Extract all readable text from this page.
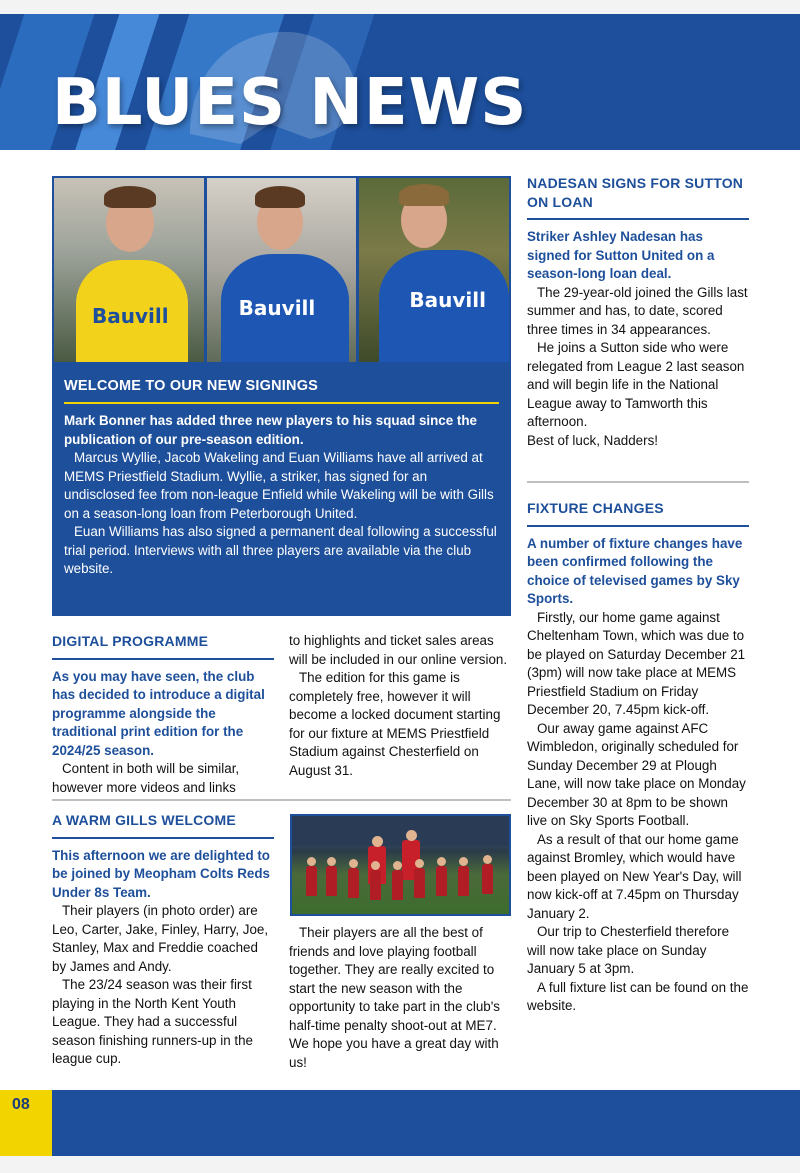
BLUES NEWS
Bauvill	Bauvill	Bauvill
WELCOME TO OUR NEW SIGNINGS

Mark Bonner has added three new players to his squad since the publication of our pre-season edition.

Marcus Wyllie, Jacob Wakeling and Euan Williams have all arrived at MEMS Priestfield Stadium. Wyllie, a striker, has signed for an undisclosed fee from non-league Enfield while Wakeling will be with Gills on a season-long loan from Peterborough United.

Euan Williams has also signed a permanent deal following a successful trial period. Interviews with all three players are available via the club website.

DIGITAL PROGRAMME

As you may have seen, the club has decided to introduce a digital programme alongside the traditional print edition for the 2024/25 season.

Content in both will be similar, however more videos and links

to highlights and ticket sales areas will be included in our online version.

The edition for this game is completely free, however it will become a locked document starting for our fixture at MEMS Priestfield Stadium against Chesterfield on August 31.

A WARM GILLS WELCOME

This afternoon we are delighted to be joined by Meopham Colts Reds Under 8s Team.

Their players (in photo order) are Leo, Carter, Jake, Finley, Harry, Joe, Stanley, Max and Freddie coached by James and Andy.

The 23/24 season was their first playing in the North Kent Youth League. They had a successful season finishing runners-up in the league cup.

Their players are all the best of friends and love playing football together. They are really excited to start the new season with the opportunity to take part in the club's half-time penalty shoot-out at ME7. We hope you have a great day with us!

NADESAN SIGNS FOR SUTTON ON LOAN

Striker Ashley Nadesan has signed for Sutton United on a season-long loan deal.

The 29-year-old joined the Gills last summer and has, to date, scored three times in 34 appearances.

He joins a Sutton side who were relegated from League 2 last season and will begin life in the National League away to Tamworth this afternoon.

Best of luck, Nadders!

FIXTURE CHANGES

A number of fixture changes have been confirmed following the choice of televised games by Sky Sports.

Firstly, our home game against Cheltenham Town, which was due to be played on Saturday December 21 (3pm) will now take place at MEMS Priestfield Stadium on Friday December 20, 7.45pm kick-off.

Our away game against AFC Wimbledon, originally scheduled for Sunday December 29 at Plough Lane, will now take place on Monday December 30 at 8pm to be shown live on Sky Sports Football.

As a result of that our home game against Bromley, which would have been played on New Year's Day, will now kick-off at 7.45pm on Thursday January 2.

Our trip to Chesterfield therefore will now take place on Sunday January 5 at 3pm.

A full fixture list can be found on the website.

08
